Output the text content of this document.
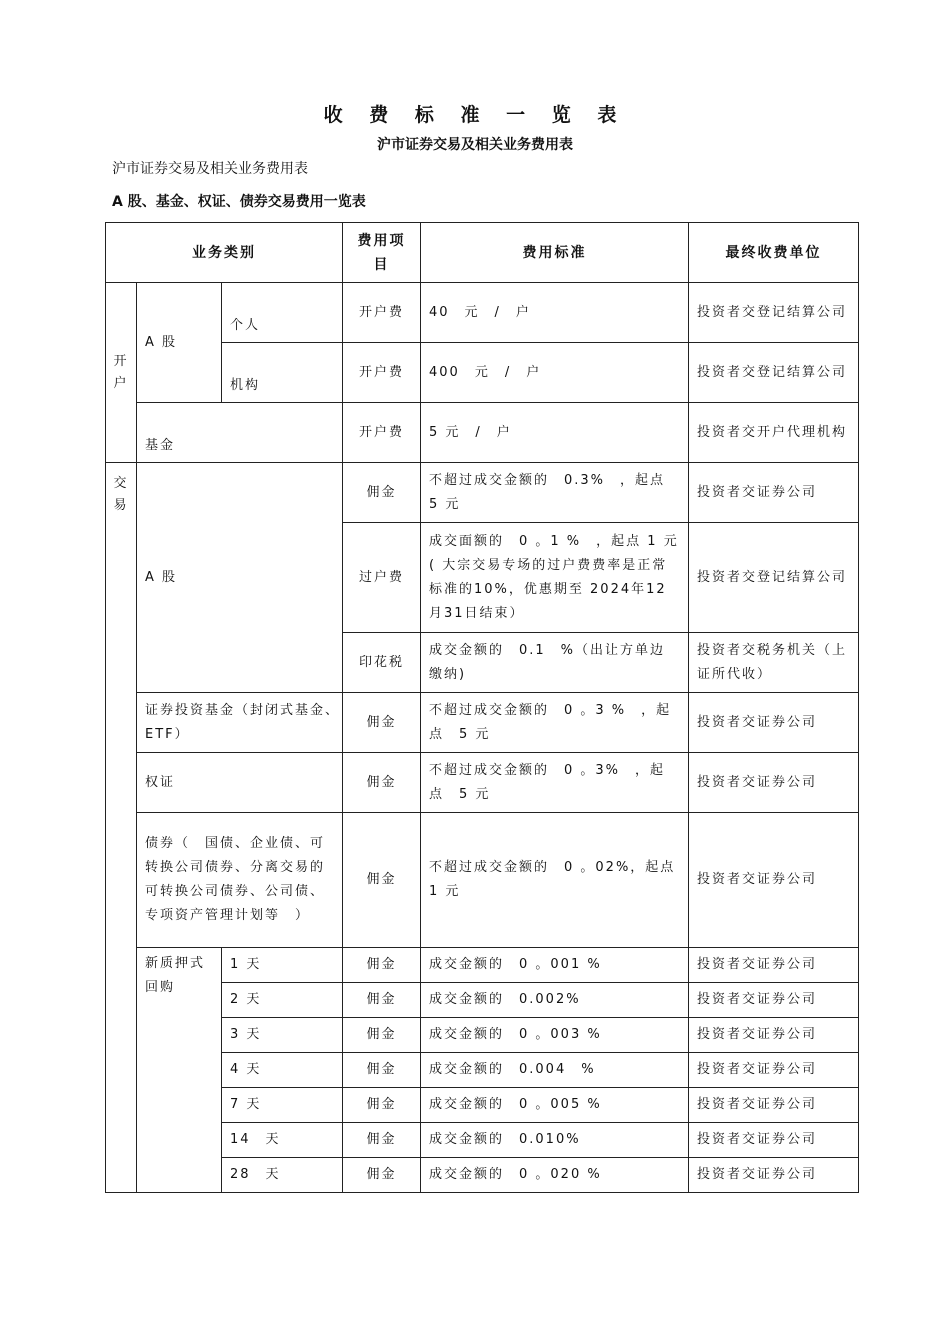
收 费 标 准 一 览 表
沪市证券交易及相关业务费用表
沪市证券交易及相关业务费用表
A 股、基金、权证、债券交易费用一览表
业务类别			费用项目	费用标准	最终收费单位
开户	A 股	个人	开户费	40　元　/　户	投资者交登记结算公司
		机构	开户费	400　元　/　户	投资者交登记结算公司
	基金		开户费	5 元　/　户	投资者交开户代理机构
交易	A 股		佣金	不超过成交金额的　0.3%　，起点　5 元	投资者交证券公司
			过户费	成交面额的　0 。1 %　，起点 1 元( 大宗交易专场的过户费费率是正常标准的10%，优惠期至 2024年12月31日结束）	投资者交登记结算公司
			印花税	成交金额的　0.1　%（出让方单边缴纳)	投资者交税务机关（上证所代收）
	证券投资基金（封闭式基金、　ETF）		佣金	不超过成交金额的　0 。3 %　，起点　5 元	投资者交证券公司
	权证		佣金	不超过成交金额的　0 。3%　，起点　5 元	投资者交证券公司
	债券（　国债、企业债、可转换公司债券、分离交易的可转换公司债券、公司债、专项资产管理计划等　）		佣金	不超过成交金额的　0 。02%，起点　1 元	投资者交证券公司
	新质押式回购	1 天	佣金	成交金额的　0 。001 %	投资者交证券公司
		2 天	佣金	成交金额的　0.002%	投资者交证券公司
		3 天	佣金	成交金额的　0 。003 %	投资者交证券公司
		4 天	佣金	成交金额的　0.004　%	投资者交证券公司
		7 天	佣金	成交金额的　0 。005 %	投资者交证券公司
		14　天	佣金	成交金额的　0.010%	投资者交证券公司
		28　天	佣金	成交金额的　0 。020 %	投资者交证券公司
